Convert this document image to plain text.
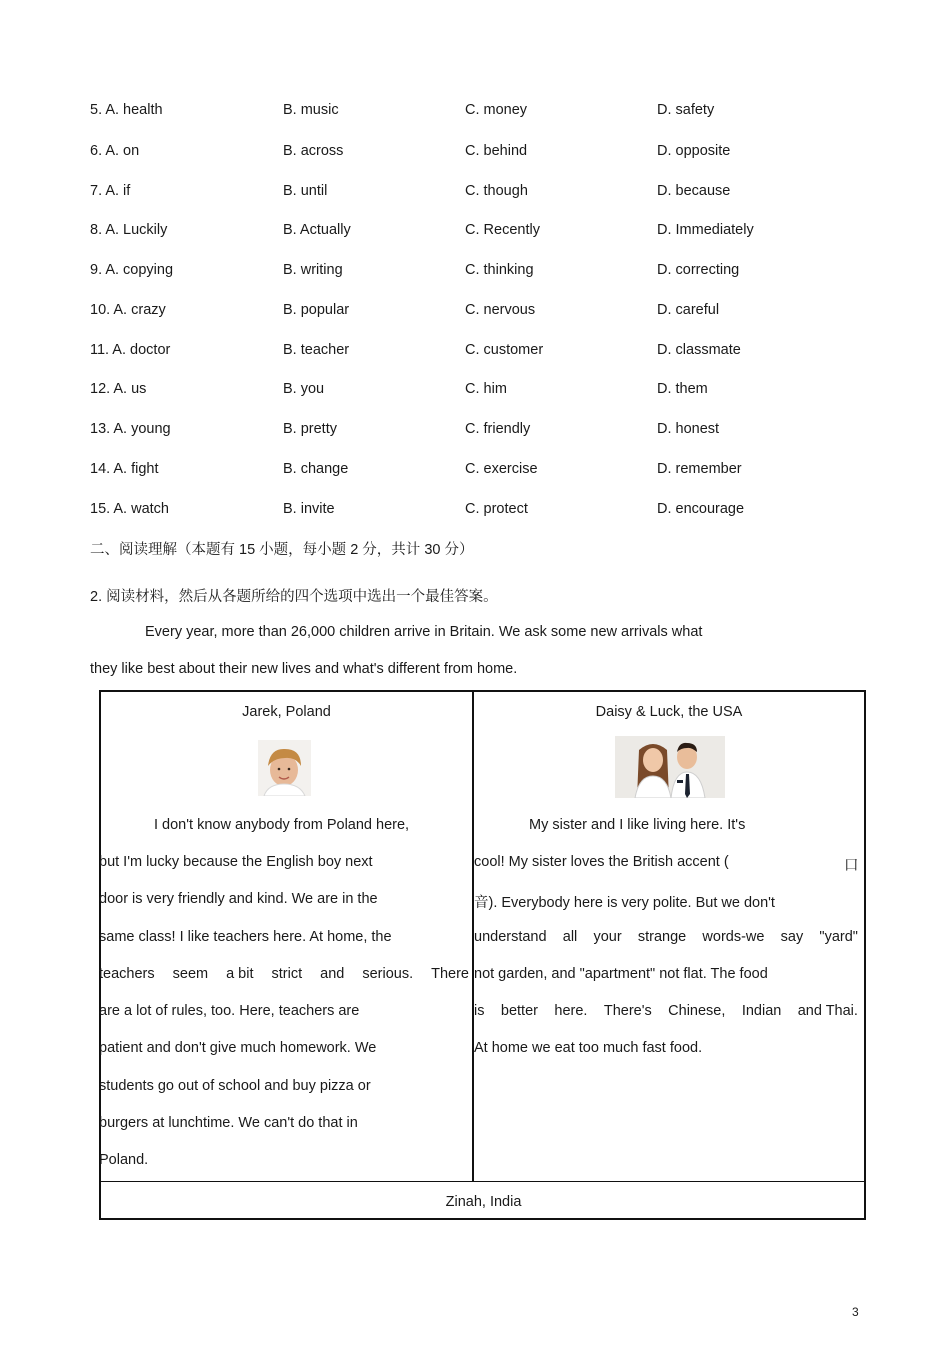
5. A. health	B. music	C. money	D. safety
6. A. on	B. across	C. behind	D. opposite
7. A. if	B. until	C. though	D. because
8. A. Luckily	B. Actually	C. Recently	D. Immediately
9. A. copying	B. writing	C. thinking	D. correcting
10. A. crazy	B. popular	C. nervous	D. careful
11. A. doctor	B. teacher	C. customer	D. classmate
12. A. us	B. you	C. him	D. them
13. A. young	B. pretty	C. friendly	D. honest
14. A. fight	B. change	C. exercise	D. remember
15. A. watch	B. invite	C. protect	D. encourage
二、阅读理解（本题有 15 小题，每小题 2 分，共计 30 分）
2. 阅读材料，然后从各题所给的四个选项中选出一个最佳答案。
Every year, more than 26,000 children arrive in Britain. We ask some new arrivals what
they like best about their new lives and what's different from home.
Jarek, Poland
I don't know anybody from Poland here,
but I'm lucky because the English boy next
door is very friendly and kind. We are in the
same class! I like teachers here. At home, the
teachers seem a bit strict and serious. There
are a lot of rules, too. Here, teachers are
patient and don't give much homework. We
students go out of school and buy pizza or
burgers at lunchtime. We can't do that in
Poland.
Daisy & Luck, the USA
My sister and I like living here. It's
cool! My sister loves the British accent (	口
音). Everybody here is very polite. But we don't
understand all your strange words-we say "yard"
not garden, and "apartment" not flat. The food
is better here. There's Chinese, Indian and Thai.
At home we eat too much fast food.
Zinah, India
3
